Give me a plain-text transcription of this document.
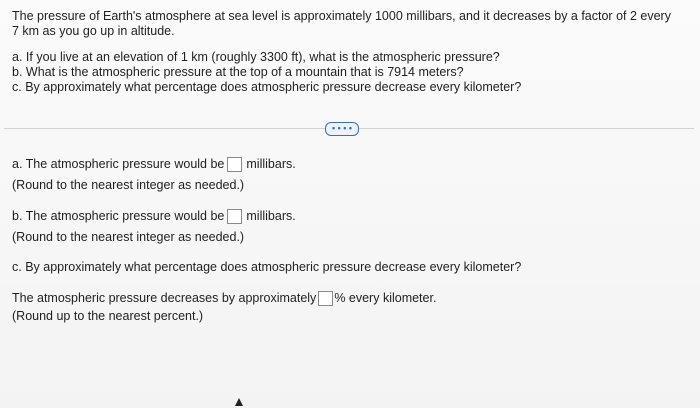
The pressure of Earth's atmosphere at sea level is approximately 1000 millibars, and it decreases by a factor of 2 every
7 km as you go up in altitude.
a. If you live at an elevation of 1 km (roughly 3300 ft), what is the atmospheric pressure?
b. What is the atmospheric pressure at the top of a mountain that is 7914 meters?
c. By approximately what percentage does atmospheric pressure decrease every kilometer?
• • • •
a. The atmospheric pressure would be millibars.
(Round to the nearest integer as needed.)
b. The atmospheric pressure would be millibars.
(Round to the nearest integer as needed.)
c. By approximately what percentage does atmospheric pressure decrease every kilometer?
The atmospheric pressure decreases by approximately % every kilometer.
(Round up to the nearest percent.)
